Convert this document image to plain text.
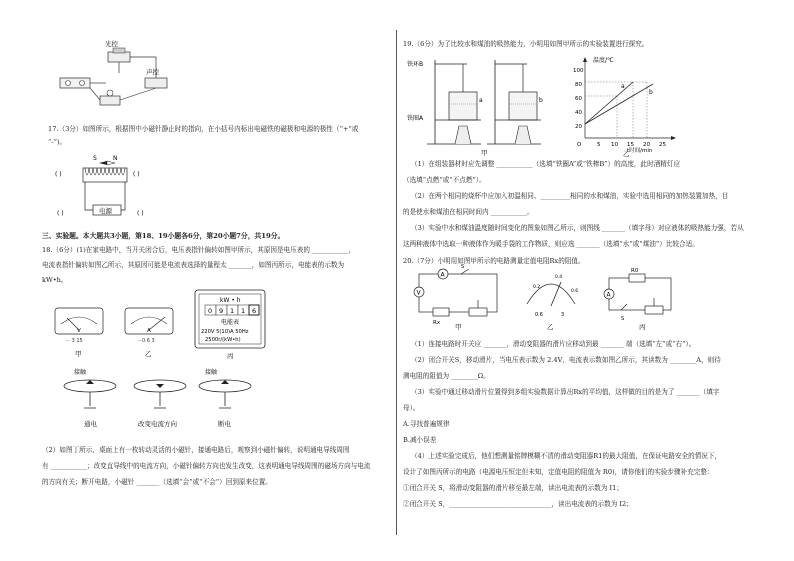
光控
声控
17.（3分）如图所示，根据图中小磁针静止时的指向，在小括号内标出电磁铁的磁极和电源的极性（“+”或
“-”)。
S	N
( )	( )
电源
( )	( )
三、实验题。本大题共3小题，第18、19小题各6分，第20小题7分，共19分。
18.（6分）(1)在家电路中，当开关闭合后，电压表指针偏转如图甲所示，其原因是电压表的 ___________，
电流表指针偏转如图乙所示，其原因可能是电流表选择的量程太 _______，如图丙所示，电能表的示数为
kW•h。
V
－ 3 15
甲
A
－0.6 3
乙
kW • h
0 9 1 1 6
电能表
220V 5(10)A 50Hz
2500r/(kW•h)
丙
接触	接触
通电	改变电流方向	断电
（2）如图丁所示，桌面上有一枚转动灵活的小磁针，接通电路后，观察到小磁针偏转，说明通电导线周围
有 ___________；改变直导线中的电流方向，小磁针偏转方向也发生改变，这表明通电导线周围的磁场方向与电流
的方向有关；断开电路，小磁针 _______（选填“会”或“不会”）回到原来位置。
19.（6分）为了比较水和煤油的吸热能力，小明用如图甲所示的实验装置进行探究。
铁环B
铁圈A
a	b
甲
温度/℃
100
80
60
40
20
O	5 10 15 20 25
t时间/min
a
b
乙
（1）在组装器材时应先调整 ___________（选填“铁圈A”或“铁棒B”）的高度，此时酒精灯应
（选填“点燃”或“不点燃”）。
（2）在两个相同的烧杯中应加入初温相同、_________相同的水和煤油，实验中选用相同的加热装置加热，目
的是使水和煤油在相同时间内 ___________。
（3）实验中水和煤油温度随时间变化的图象如图乙所示，则图线 _______（填字母）对应液体的吸热能力强，若从
这两种液体中选取一种液体作为暖手袋的工作物质，则应选 _______（选填“水”或“煤油”）比较合适。
20.（7分）小明用如图甲所示的电路测量定值电阻Rx的阻值。
V
A
S
Rx 甲
0.2
0.4
0.6
0.6	3
乙
A
R0
S
丙
（1）连接电路时开关应 _______，滑动变阻器的滑片应移动到最 _______ 端（选填“左”或“右”）。
（2）闭合开关S，移动滑片，当电压表示数为 2.4V，电流表示数如图乙所示，其读数为 ________A，则待
测电阻的阻值为 ________Ω。
（3）实验中通过移动滑片位置得到多组实验数据计算出Rx的平均值，这样做的目的是为了 _______（填字
母）。
A.寻找普遍规律
B.减小误差
（4）上述实验完成后，他们想测量铭牌模糊不清的滑动变阻器R1的最大阻值，在保证电路安全的情况下，
设计了如图丙所示的电路（电源电压恒定但未知，定值电阻的阻值为 R0)，请你他们的实验步骤补充完整：
①闭合开关 S，将滑动变阻器的滑片移至最左端，读出电流表的示数为 I1；
②闭合开关 S，_______________________________，读出电流表的示数为 I2；
